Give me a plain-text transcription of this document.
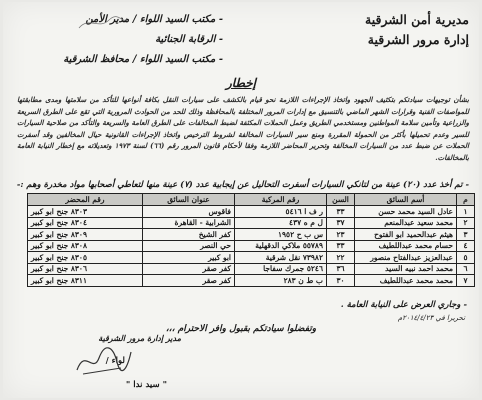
مديرية أمن الشرقية
إدارة مرور الشرقية
- مكتب السيد اللواء / مدير الأمن
- الرقابة الجنائية
- مكتب السيد اللواء / محافظ الشرقية
إخطار
بشأن توجيهات سيادتكم بتكثيف الجهود واتخاذ الإجراءات اللازمة نحو قيام بالكشف على سيارات النقل بكافة أنواعها للتأكد من سلامتها ومدى مطابقتها للمواصفات الفنية وقرارات الشهر الماضي بالتنسيق مع إدارات المرور المختلفة بالمحافظة وذلك للحد من الحوادث المرورية التي تقع على الطرق السريعة والزراعية وتأمين سلامة المواطنين ومستخدمي الطريق وعمل الحملات المكثفة لضبط المخالفات على الطرق العامة والسريعة والتأكد من صلاحية السيارات للسير وعدم تحميلها بأكثر من الحمولة المقررة ومنع سير السيارات المخالفة لشروط الترخيص واتخاذ الإجراءات القانونية حيال المخالفين وقد أسفرت الحملات عن ضبط عدد من السيارات المخالفة وتحرير المحاضر اللازمة وفقا لأحكام قانون المرور رقم (٦٦) لسنة ١٩٧٣ وتعديلاته مع إخطار النيابة العامة بالمخالفات.
- تم أخذ عدد (٢٠) عينة من لتانكي السيارات أسفرت التحاليل عن إيجابية عدد (٧) عينة منها لتعاطي أصحابها مواد مخدرة وهم :-
م	أسم السائق	السن	رقم المركبة	عنوان السائق	رقم المحضر
١	عادل السيد محمد حسن	٣٣	ر ف ا ٥٤١٦	فاقوس	٨٣٠٣ جنح ابو كبير
٢	محمد سعيد عبدالمنعم	٣٧	ل م ه ٤٣٧	الشرابية - القاهرة	٨٣٠٤ جنح ابو كبير
٣	هيثم عبدالحميد ابو الفتوح	٢٣	س ب ح ١٩٥٢	كفر الشيخ	٨٣٠٩ جنح ابو كبير
٤	حسام محمد عبداللطيف	٣٣	٥٥٧٨٩ ملاكي الدقهلية	حي النصر	٨٣٠٨ جنح ابو كبير
٥	عبدالعزيز عبدالفتاح منصور	٢٢	٧٣٩٨٢ نقل شرقية	ابو كبير	٨٣٠٥ جنح ابو كبير
٦	محمد احمد نبيه السيد	٣٦	٥٢٤٦ جمرك سفاجا	كفر صقر	٨٣٠٦ جنح ابو كبير
٧	محمد محمد عبداللطيف	٣٠	ب ط ن ٢٨٣	كفر صقر	٨٣١١ جنح ابو كبير
- وجاري العرض على النيابة العامة .
تحريرا في ٢٠١٤/٤/٢٣م
وتفضلوا سيادتكم بقبول وافر الاحترام ،،،
مدير إدارة مرور الشرقية
لواء /
" سيد ندا "
